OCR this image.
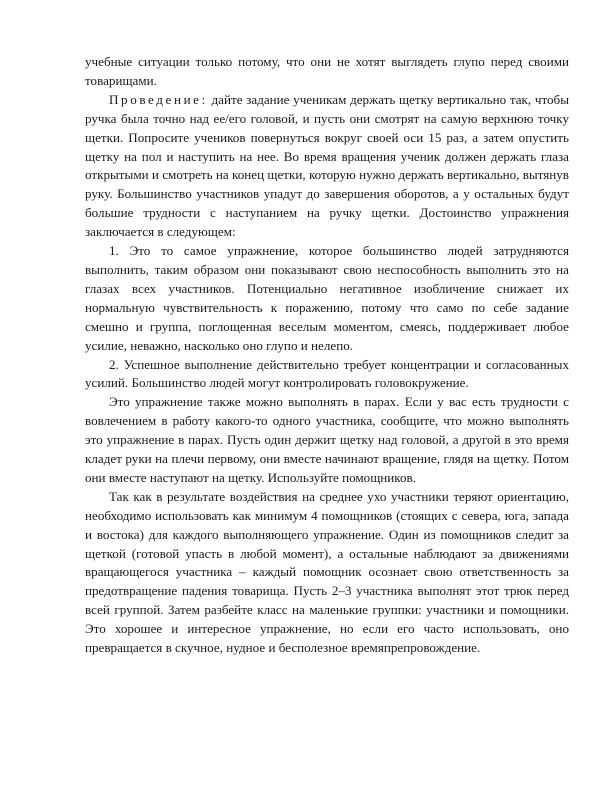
учебные ситуации только потому, что они не хотят выглядеть глупо перед своими товарищами.

Проведение: дайте задание ученикам держать щетку вертикально так, чтобы ручка была точно над ее/его головой, и пусть они смотрят на самую верхнюю точку щетки. Попросите учеников повернуться вокруг своей оси 15 раз, а затем опустить щетку на пол и наступить на нее. Во время вращения ученик должен держать глаза открытыми и смотреть на конец щетки, которую нужно держать вертикально, вытянув руку. Большинство участников упадут до завершения оборотов, а у остальных будут большие трудности с наступанием на ручку щетки. Достоинство упражнения заключается в следующем:

1. Это то самое упражнение, которое большинство людей затрудняются выполнить, таким образом они показывают свою неспособность выполнить это на глазах всех участников. Потенциально негативное изобличение снижает их нормальную чувствительность к поражению, потому что само по себе задание смешно и группа, поглощенная веселым моментом, смеясь, поддерживает любое усилие, неважно, насколько оно глупо и нелепо.

2. Успешное выполнение действительно требует концентрации и согласованных усилий. Большинство людей могут контролировать головокружение.

Это упражнение также можно выполнять в парах. Если у вас есть трудности с вовлечением в работу какого-то одного участника, сообщите, что можно выполнять это упражнение в парах. Пусть один держит щетку над головой, а другой в это время кладет руки на плечи первому, они вместе начинают вращение, глядя на щетку. Потом они вместе наступают на щетку. Используйте помощников.

Так как в результате воздействия на среднее ухо участники теряют ориентацию, необходимо использовать как минимум 4 помощников (стоящих с севера, юга, запада и востока) для каждого выполняющего упражнение. Один из помощников следит за щеткой (готовой упасть в любой момент), а остальные наблюдают за движениями вращающегося участника – каждый помощник осознает свою ответственность за предотвращение падения товарища. Пусть 2–3 участника выполнят этот трюк перед всей группой. Затем разбейте класс на маленькие группки: участники и помощники. Это хорошее и интересное упражнение, но если его часто использовать, оно превращается в скучное, нудное и бесполезное времяпрепровождение.
